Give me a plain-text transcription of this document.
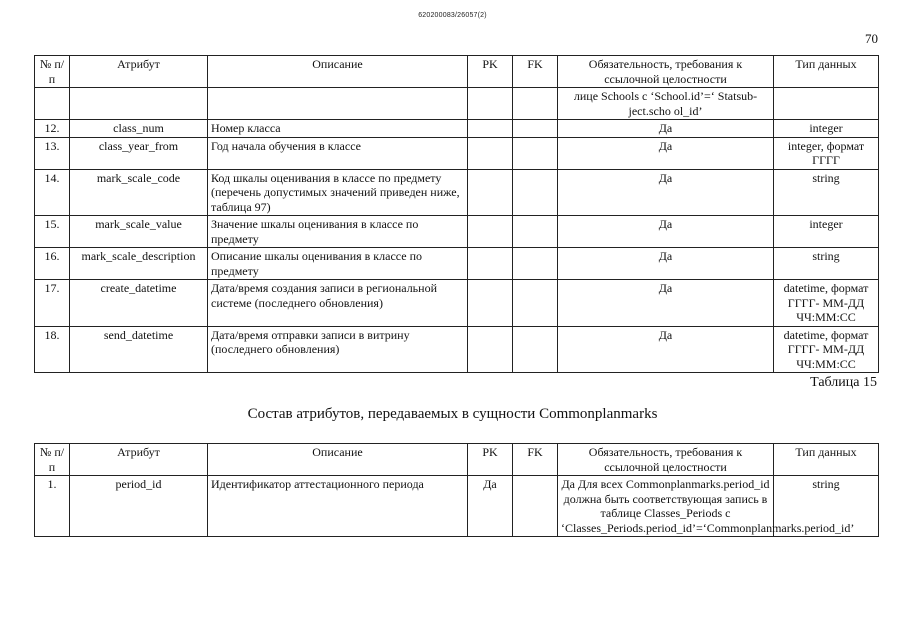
620200083/26057(2)
70
№ п/п	Атрибут	Описание	PK	FK	Обязательность, требования к ссылочной целостности	Тип данных
					лице Schools с ‘School.id’=‘ Statsub-ject.scho ol_id’	
12.	class_num	Номер класса			Да	integer
13.	class_year_from	Год начала обучения в классе			Да	integer, формат ГГГГ
14.	mark_scale_code	Код шкалы оценивания в классе по предмету (перечень допустимых значений приведен ниже, таблица 97)			Да	string
15.	mark_scale_value	Значение шкалы оценивания в классе по предмету			Да	integer
16.	mark_scale_description	Описание шкалы оценивания в классе по предмету			Да	string
17.	create_datetime	Дата/время создания записи в региональной системе (последнего обновления)			Да	datetime, формат ГГГГ- ММ-ДД ЧЧ:ММ:СС
18.	send_datetime	Дата/время отправки записи в витрину (последнего обновления)			Да	datetime, формат ГГГГ- ММ-ДД ЧЧ:ММ:СС
Таблица 15
Состав атрибутов, передаваемых в сущности Commonplanmarks
№ п/п	Атрибут	Описание	PK	FK	Обязательность, требования к ссылочной целостности	Тип данных
1.	period_id	Идентификатор аттестационного периода	Да		Да Для всех Commonplanmarks.period_id должна быть соответствующая запись в таблице Classes_Periods с ‘Classes_Periods.period_id’=‘Commonplanmarks.period_id’	string
